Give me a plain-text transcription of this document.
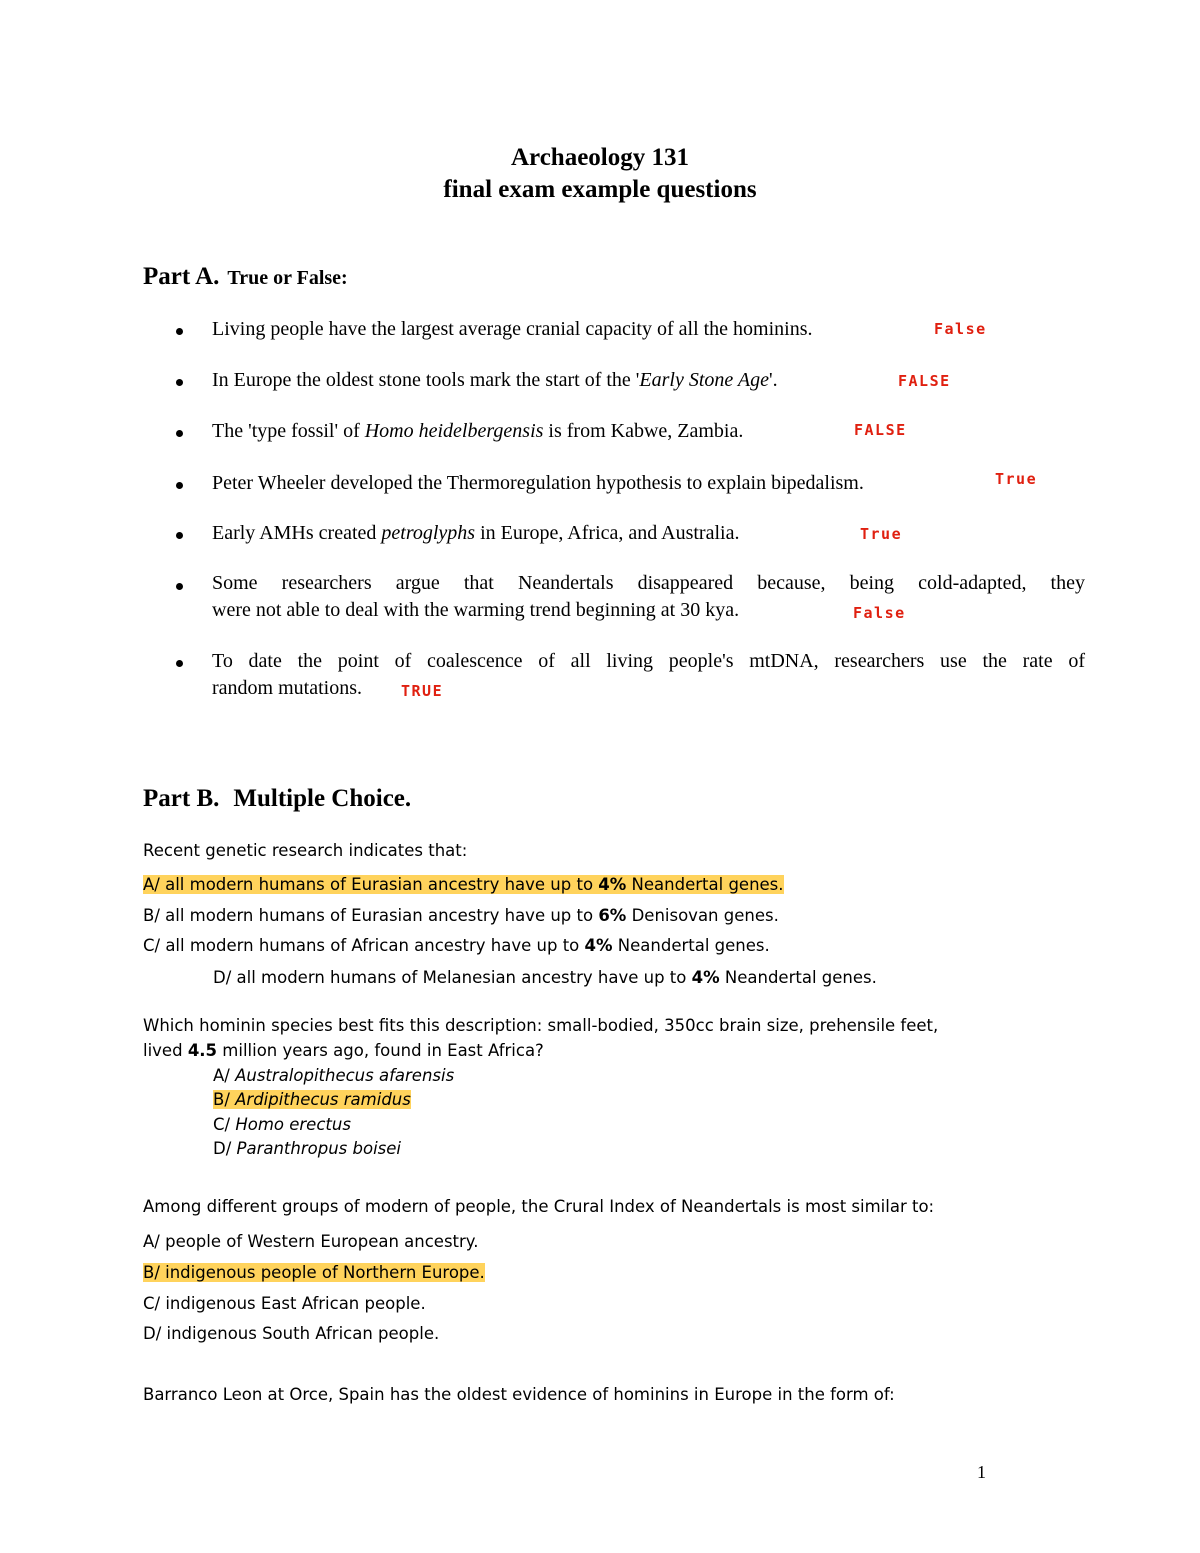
Archaeology 131
final exam example questions
Part A. True or False:
Living people have the largest average cranial capacity of all the hominins.	False
In Europe the oldest stone tools mark the start of the 'Early Stone Age'.	FALSE
The 'type fossil' of Homo heidelbergensis is from Kabwe, Zambia.	FALSE
Peter Wheeler developed the Thermoregulation hypothesis to explain bipedalism.	True
Early AMHs created petroglyphs in Europe, Africa, and Australia.	True
Some researchers argue that Neandertals disappeared because, being cold-adapted, they
were not able to deal with the warming trend beginning at 30 kya.	False
To date the point of coalescence of all living people's mtDNA, researchers use the rate of
random mutations.	TRUE
Part B. Multiple Choice.
Recent genetic research indicates that:
A/ all modern humans of Eurasian ancestry have up to 4% Neandertal genes.
B/ all modern humans of Eurasian ancestry have up to 6% Denisovan genes.
C/ all modern humans of African ancestry have up to 4% Neandertal genes.
D/ all modern humans of Melanesian ancestry have up to 4% Neandertal genes.
Which hominin species best fits this description: small-bodied, 350cc brain size, prehensile feet,
lived 4.5 million years ago, found in East Africa?
A/ Australopithecus afarensis
B/ Ardipithecus ramidus
C/ Homo erectus
D/ Paranthropus boisei
Among different groups of modern of people, the Crural Index of Neandertals is most similar to:
A/ people of Western European ancestry.
B/ indigenous people of Northern Europe.
C/ indigenous East African people.
D/ indigenous South African people.
Barranco Leon at Orce, Spain has the oldest evidence of hominins in Europe in the form of:
1
